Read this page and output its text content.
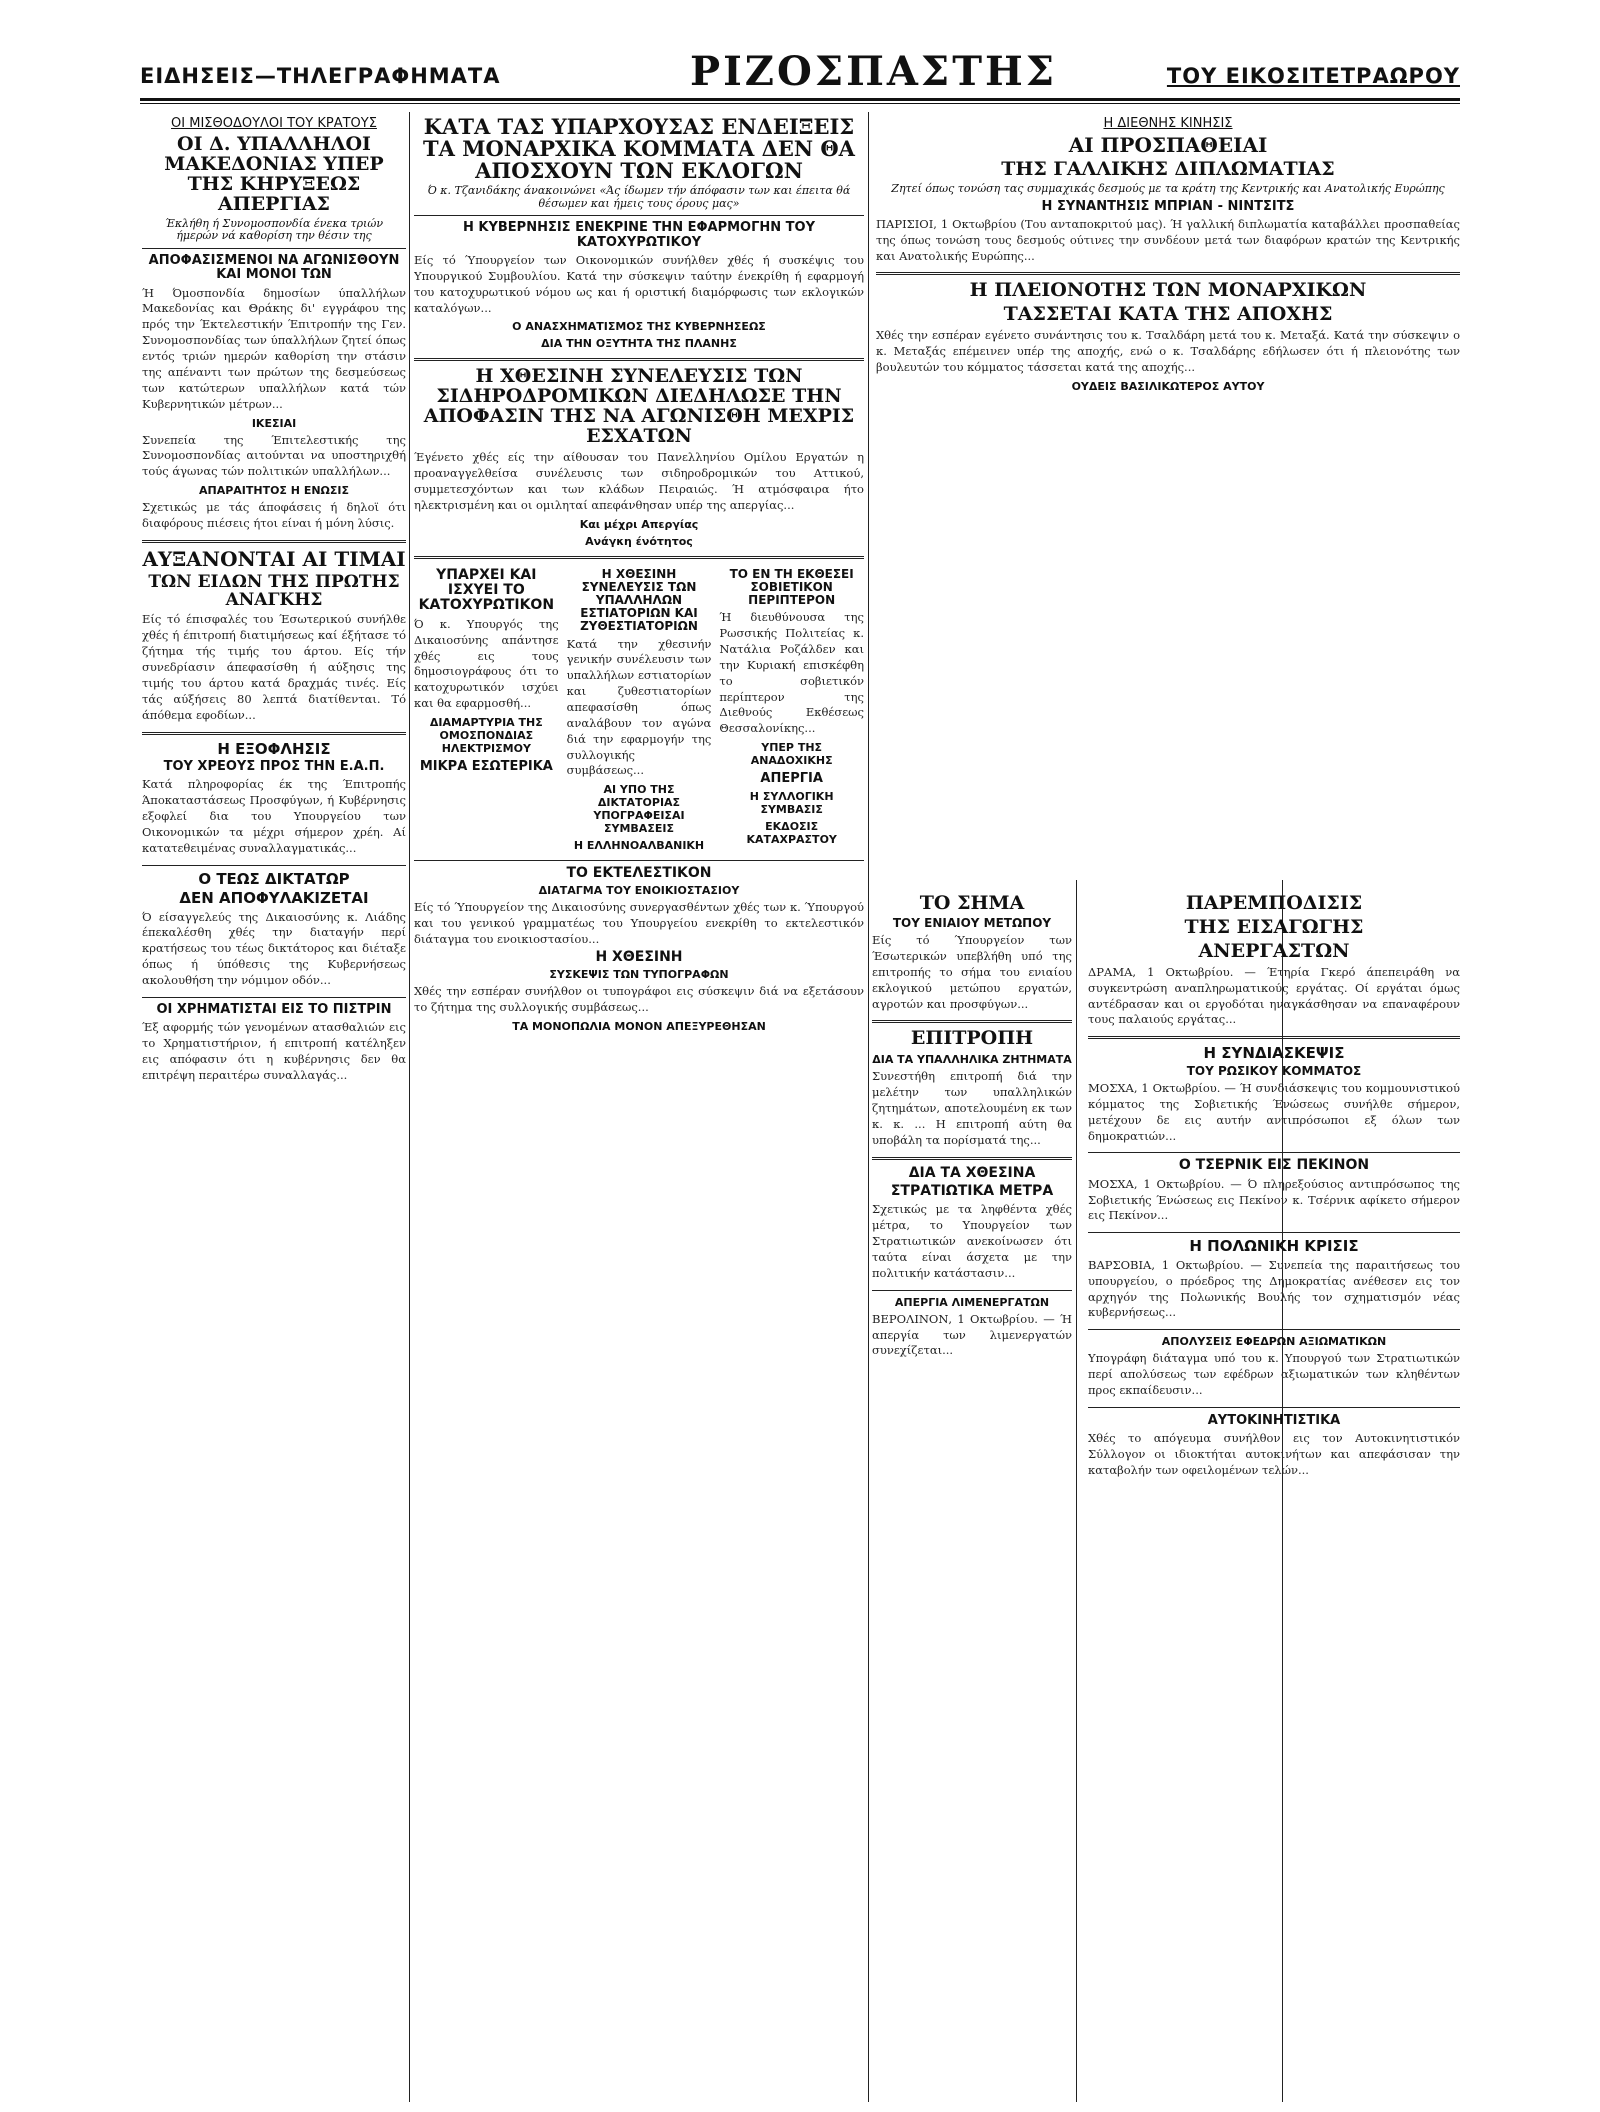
ΕΙΔΗΣΕΙΣ—ΤΗΛΕΓΡΑΦΗΜΑΤΑ	ΡΙΖΟΣΠΑΣΤΗΣ	ΤΟΥ ΕΙΚΟΣΙΤΕΤΡΑΩΡΟΥ
ΟΙ ΜΙΣΘΟΔΟΥΛΟΙ ΤΟΥ ΚΡΑΤΟΥΣ
ΟΙ Δ. ΥΠΑΛΛΗΛΟΙ ΜΑΚΕΔΟΝΙΑΣ ΥΠΕΡ ΤΗΣ ΚΗΡΥΞΕΩΣ ΑΠΕΡΓΙΑΣ
Έκλήθη ή Συνομοσπονδία ένεκα τριών ήμερών νά καθορίση την θέσιν της
ΑΠΟΦΑΣΙΣΜΕΝΟΙ ΝΑ ΑΓΩΝΙΣΘΟΥΝ ΚΑΙ ΜΟΝΟΙ ΤΩΝ

Ή Όμοσπονδία δημοσίων ύπαλλήλων Μακεδονίας και Θράκης δι' εγγράφου της πρός την Έκτελεστικήν Έπιτροπήν της Γεν. Συνομοσπονδίας των ύπαλλήλων ζητεί όπως εντός τριών ημερών καθορίση την στάσιν της απέναντι των πρώτων της δεσμεύσεως των κατώτερων υπαλλήλων κατά τών Κυβερνητικών μέτρων...

ΙΚΕΣΙΑΙ

Συνεπεία της Έπιτελεστικής της Συνομοσπονδίας αιτούνται να υποστηριχθή τούς άγωνας τών πολιτικών υπαλλήλων...

ΑΠΑΡΑΙΤΗΤΟΣ Η ΕΝΩΣΙΣ

Σχετικώς με τάς άποφάσεις ή δηλοϊ ότι διαφόρους πιέσεις ήτοι είναι ή μόνη λύσις.

ΑΥΞΑΝΟΝΤΑΙ ΑΙ ΤΙΜΑΙ
ΤΩΝ ΕΙΔΩΝ ΤΗΣ ΠΡΩΤΗΣ ΑΝΑΓΚΗΣ

Είς τό έπισφαλές του Έσωτερικού συνήλθε χθές ή έπιτροπή διατιμήσεως καί έξήτασε τό ζήτημα τής τιμής του άρτου. Είς τήν συνεδρίασιν άπεφασίσθη ή αύξησις της τιμής του άρτου κατά δραχμάς τινές. Είς τάς αύξήσεις 80 λεπτά διατίθενται. Τό άπόθεμα εφοδίων...

Η ΕΞΟΦΛΗΣΙΣ
ΤΟΥ ΧΡΕΟΥΣ ΠΡΟΣ ΤΗΝ Ε.Α.Π.

Κατά πληροφορίας έκ της Έπιτροπής Άποκαταστάσεως Προσφύγων, ή Κυβέρνησις εξοφλεί δια του Υπουργείου των Οικονομικών τα μέχρι σήμερον χρέη. Αί κατατεθειμένας συναλλαγματικάς...

Ο ΤΕΩΣ ΔΙΚΤΑΤΩΡ
ΔΕΝ ΑΠΟΦΥΛΑΚΙΖΕΤΑΙ

Ό είσαγγελεύς της Δικαιοσύνης κ. Λιάδης έπεκαλέσθη χθές την διαταγήν περί κρατήσεως του τέως δικτάτορος και διέταξε όπως ή ύπόθεσις της Κυβερνήσεως ακολουθήση την νόμιμον οδόν...

ΟΙ ΧΡΗΜΑΤΙΣΤΑΙ ΕΙΣ ΤΟ ΠΙΣΤΡΙΝ

Έξ αφορμής τών γενομένων ατασθαλιών εις το Χρηματιστήριον, ή επιτροπή κατέληξεν εις απόφασιν ότι η κυβέρνησις δεν θα επιτρέψη περαιτέρω συναλλαγάς...

ΚΑΤΑ ΤΑΣ ΥΠΑΡΧΟΥΣΑΣ ΕΝΔΕΙΞΕΙΣ ΤΑ ΜΟΝΑΡΧΙΚΑ ΚΟΜΜΑΤΑ ΔΕΝ ΘΑ ΑΠΟΣΧΟΥΝ ΤΩΝ ΕΚΛΟΓΩΝ
Ό κ. Τζανιδάκης άνακοινώνει «Άς ίδωμεν τήν άπόφασιν των και έπειτα θά θέσωμεν και ήμεις τους όρους μας»
Η ΚΥΒΕΡΝΗΣΙΣ ΕΝΕΚΡΙΝΕ ΤΗΝ ΕΦΑΡΜΟΓΗΝ ΤΟΥ ΚΑΤΟΧΥΡΩΤΙΚΟΥ

Είς τό Ύπουργείον των Οικονομικών συνήλθεν χθές ή συσκέψις του Υπουργικού Συμβουλίου. Κατά την σύσκεψιν ταύτην ένεκρίθη ή εφαρμογή του κατοχυρωτικού νόμου ως και ή οριστική διαμόρφωσις των εκλογικών καταλόγων...

Ο ΑΝΑΣΧΗΜΑΤΙΣΜΟΣ ΤΗΣ ΚΥΒΕΡΝΗΣΕΩΣ
ΔΙΑ ΤΗΝ ΟΞΥΤΗΤΑ ΤΗΣ ΠΛΑΝΗΣ
Η ΧΘΕΣΙΝΗ ΣΥΝΕΛΕΥΣΙΣ ΤΩΝ ΣΙΔΗΡΟΔΡΟΜΙΚΩΝ ΔΙΕΔΗΛΩΣΕ ΤΗΝ ΑΠΟΦΑΣΙΝ ΤΗΣ ΝΑ ΑΓΩΝΙΣΘΗ ΜΕΧΡΙΣ ΕΣΧΑΤΩΝ

Έγένετο χθές είς την αίθουσαν του Πανελληνίου Ομίλου Εργατών η προαναγγελθείσα συνέλευσις των σιδηροδρομικών του Αττικού, συμμετεσχόντων και των κλάδων Πειραιώς. Ή ατμόσφαιρα ήτο ηλεκτρισμένη και οι ομιληταί απεφάνθησαν υπέρ της απεργίας...

Και μέχρι Απεργίας
Ανάγκη ένότητος
ΥΠΑΡΧΕΙ ΚΑΙ ΙΣΧΥΕΙ ΤΟ ΚΑΤΟΧΥΡΩΤΙΚΟΝ

Ό κ. Υπουργός της Δικαιοσύνης απάντησε χθές εις τους δημοσιογράφους ότι το κατοχυρωτικόν ισχύει και θα εφαρμοσθή...

ΔΙΑΜΑΡΤΥΡΙΑ ΤΗΣ ΟΜΟΣΠΟΝΔΙΑΣ ΗΛΕΚΤΡΙΣΜΟΥ
ΜΙΚΡΑ ΕΣΩΤΕΡΙΚΑ
Η ΧΘΕΣΙΝΗ ΣΥΝΕΛΕΥΣΙΣ ΤΩΝ ΥΠΑΛΛΗΛΩΝ ΕΣΤΙΑΤΟΡΙΩΝ ΚΑΙ ΖΥΘΕΣΤΙΑΤΟΡΙΩΝ

Κατά την χθεσινήν γενικήν συνέλευσιν των υπαλλήλων εστιατορίων και ζυθεστιατορίων απεφασίσθη όπως αναλάβουν τον αγώνα διά την εφαρμογήν της συλλογικής συμβάσεως...

ΑΙ ΥΠΟ ΤΗΣ ΔΙΚΤΑΤΟΡΙΑΣ ΥΠΟΓΡΑΦΕΙΣΑΙ ΣΥΜΒΑΣΕΙΣ
Η ΕΛΛΗΝΟΑΛΒΑΝΙΚΗ
ΤΟ ΕΝ ΤΗ ΕΚΘΕΣΕΙ ΣΟΒΙΕΤΙΚΟΝ ΠΕΡΙΠΤΕΡΟΝ

Ή διευθύνουσα της Ρωσσικής Πολιτείας κ. Νατάλια Ροζάλδεν και την Κυριακή επισκέφθη το σοβιετικόν περίπτερον της Διεθνούς Εκθέσεως Θεσσαλονίκης...

ΥΠΕΡ ΤΗΣ ΑΝΑΔΟΧΙΚΗΣ
ΑΠΕΡΓΙΑ
Η ΣΥΛΛΟΓΙΚΗ ΣΥΜΒΑΣΙΣ
ΕΚΔΟΣΙΣ ΚΑΤΑΧΡΑΣΤΟΥ
ΤΟ ΕΚΤΕΛΕΣΤΙΚΟΝ
ΔΙΑΤΑΓΜΑ ΤΟΥ ΕΝΟΙΚΙΟΣΤΑΣΙΟΥ

Είς τό Ύπουργείον της Δικαιοσύνης συνεργασθέντων χθές των κ. Ύπουργού και του γενικού γραμματέως του Υπουργείου ενεκρίθη το εκτελεστικόν διάταγμα του ενοικιοστασίου...

Η ΧΘΕΣΙΝΗ
ΣΥΣΚΕΨΙΣ ΤΩΝ ΤΥΠΟΓΡΑΦΩΝ

Χθές την εσπέραν συνήλθον οι τυπογράφοι εις σύσκεψιν διά να εξετάσουν το ζήτημα της συλλογικής συμβάσεως...

ΤΑ ΜΟΝΟΠΩΛΙΑ ΜΟΝΟΝ ΑΠΕΞΥΡΕΘΗΣΑΝ
Η ΔΙΕΘΝΗΣ ΚΙΝΗΣΙΣ
ΑΙ ΠΡΟΣΠΑΘΕΙΑΙ
ΤΗΣ ΓΑΛΛΙΚΗΣ ΔΙΠΛΩΜΑΤΙΑΣ
Ζητεί όπως τονώση τας συμμαχικάς δεσμούς με τα κράτη της Κεντρικής και Ανατολικής Ευρώπης
Η ΣΥΝΑΝΤΗΣΙΣ ΜΠΡΙΑΝ - ΝΙΝΤΣΙΤΣ

ΠΑΡΙΣΙΟΙ, 1 Οκτωβρίου (Του ανταποκριτού μας). Ή γαλλική διπλωματία καταβάλλει προσπαθείας της όπως τονώση τους δεσμούς ούτινες την συνδέουν μετά των διαφόρων κρατών της Κεντρικής και Ανατολικής Ευρώπης...

Η ΠΛΕΙΟΝΟΤΗΣ ΤΩΝ ΜΟΝΑΡΧΙΚΩΝ
ΤΑΣΣΕΤΑΙ ΚΑΤΑ ΤΗΣ ΑΠΟΧΗΣ

Χθές την εσπέραν εγένετο συνάντησις του κ. Τσαλδάρη μετά του κ. Μεταξά. Κατά την σύσκεψιν ο κ. Μεταξάς επέμεινεν υπέρ της αποχής, ενώ ο κ. Τσαλδάρης εδήλωσεν ότι ή πλειονότης των βουλευτών του κόμματος τάσσεται κατά της αποχής...

ΟΥΔΕΙΣ ΒΑΣΙΛΙΚΩΤΕΡΟΣ ΑΥΤΟΥ
ΤΟ ΣΗΜΑ
ΤΟΥ ΕΝΙΑΙΟΥ ΜΕΤΩΠΟΥ

Είς τό Ύπουργείον των Έσωτερικών υπεβλήθη υπό της επιτροπής το σήμα του ενιαίου εκλογικού μετώπου εργατών, αγροτών και προσφύγων...

ΕΠΙΤΡΟΠΗ
ΔΙΑ ΤΑ ΥΠΑΛΛΗΛΙΚΑ ΖΗΤΗΜΑΤΑ

Συνεστήθη επιτροπή διά την μελέτην των υπαλληλικών ζητημάτων, αποτελουμένη εκ των κ. κ. ... Η επιτροπή αύτη θα υποβάλη τα πορίσματά της...

ΔΙΑ ΤΑ ΧΘΕΣΙΝΑ
ΣΤΡΑΤΙΩΤΙΚΑ ΜΕΤΡΑ

Σχετικώς με τα ληφθέντα χθές μέτρα, το Υπουργείον των Στρατιωτικών ανεκοίνωσεν ότι ταύτα είναι άσχετα με την πολιτικήν κατάστασιν...

ΑΠΕΡΓΙΑ ΛΙΜΕΝΕΡΓΑΤΩΝ

ΒΕΡΟΛΙΝΟΝ, 1 Οκτωβρίου. — Ή απεργία των λιμενεργατών συνεχίζεται...

ΠΑΡΕΜΠΟΔΙΣΙΣ
ΤΗΣ ΕΙΣΑΓΩΓΗΣ
ΑΝΕΡΓΑΣΤΩΝ

ΔΡΑΜΑ, 1 Οκτωβρίου. — Έτηρία Γκερό άπεπειράθη να συγκεντρώση αναπληρωματικούς εργάτας. Οί εργάται όμως αντέδρασαν και οι εργοδόται ηναγκάσθησαν να επαναφέρουν τους παλαιούς εργάτας...

Η ΣΥΝΔΙΑΣΚΕΨΙΣ
ΤΟΥ ΡΩΣΙΚΟΥ ΚΟΜΜΑΤΟΣ

ΜΟΣΧΑ, 1 Οκτωβρίου. — Ή συνδιάσκεψις του κομμουνιστικού κόμματος της Σοβιετικής Ένώσεως συνήλθε σήμερον, μετέχουν δε εις αυτήν αντιπρόσωποι εξ όλων των δημοκρατιών...

Ο ΤΣΕΡΝΙΚ ΕΙΣ ΠΕΚΙΝΟΝ

ΜΟΣΧΑ, 1 Οκτωβρίου. — Ό πληρεξούσιος αντιπρόσωπος της Σοβιετικής Ένώσεως εις Πεκίνον κ. Τσέρνικ αφίκετο σήμερον εις Πεκίνον...

Η ΠΟΛΩΝΙΚΗ ΚΡΙΣΙΣ

ΒΑΡΣΟΒΙΑ, 1 Οκτωβρίου. — Συνεπεία της παραιτήσεως του υπουργείου, ο πρόεδρος της Δημοκρατίας ανέθεσεν εις τον αρχηγόν της Πολωνικής Βουλής τον σχηματισμόν νέας κυβερνήσεως...

ΑΠΟΛΥΣΕΙΣ ΕΦΕΔΡΩΝ ΑΞΙΩΜΑΤΙΚΩΝ

Υπογράφη διάταγμα υπό του κ. Υπουργού των Στρατιωτικών περί απολύσεως των εφέδρων αξιωματικών των κληθέντων προς εκπαίδευσιν...

ΑΥΤΟΚΙΝΗΤΙΣΤΙΚΑ

Χθές το απόγευμα συνήλθον εις τον Αυτοκινητιστικόν Σύλλογον οι ιδιοκτήται αυτοκινήτων και απεφάσισαν την καταβολήν των οφειλομένων τελών...
